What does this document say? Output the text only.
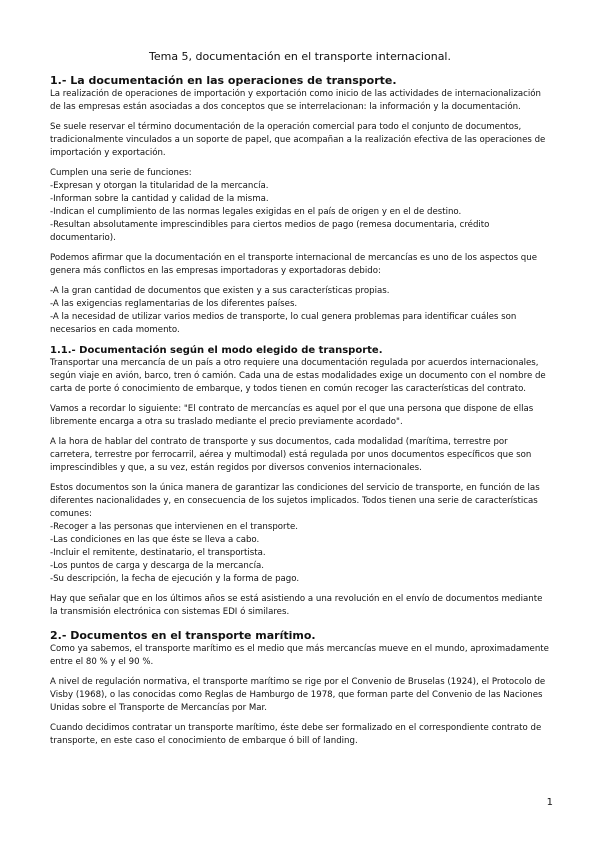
Tema 5, documentación en el transporte internacional.
1.- La documentación en las operaciones de transporte.

La realización de operaciones de importación y exportación como inicio de las actividades de internacionalización de las empresas están asociadas a dos conceptos que se interrelacionan: la información y la documentación.

Se suele reservar el término documentación de la operación comercial para todo el conjunto de documentos, tradicionalmente vinculados a un soporte de papel, que acompañan a la realización efectiva de las operaciones de importación y exportación.

Cumplen una serie de funciones:
-Expresan y otorgan la titularidad de la mercancía.
-Informan sobre la cantidad y calidad de la misma.
-Indican el cumplimiento de las normas legales exigidas en el país de origen y en el de destino.
-Resultan absolutamente imprescindibles para ciertos medios de pago (remesa documentaria, crédito documentario).

Podemos afirmar que la documentación en el transporte internacional de mercancías es uno de los aspectos que genera más conflictos en las empresas importadoras y exportadoras debido:

-A la gran cantidad de documentos que existen y a sus características propias.
-A las exigencias reglamentarias de los diferentes países.
-A la necesidad de utilizar varios medios de transporte, lo cual genera problemas para identificar cuáles son necesarios en cada momento.
1.1.- Documentación según el modo elegido de transporte.

Transportar una mercancía de un país a otro requiere una documentación regulada por acuerdos internacionales, según viaje en avión, barco, tren ó camión. Cada una de estas modalidades exige un documento con el nombre de carta de porte ó conocimiento de embarque, y todos tienen en común recoger las características del contrato.

Vamos a recordar lo siguiente: "El contrato de mercancías es aquel por el que una persona que dispone de ellas libremente encarga a otra su traslado mediante el precio previamente acordado".

A la hora de hablar del contrato de transporte y sus documentos, cada modalidad (marítima, terrestre por carretera, terrestre por ferrocarril, aérea y multimodal) está regulada por unos documentos específicos que son imprescindibles y que, a su vez, están regidos por diversos convenios internacionales.

Estos documentos son la única manera de garantizar las condiciones del servicio de transporte, en función de las diferentes nacionalidades y, en consecuencia de los sujetos implicados. Todos tienen una serie de características comunes:
-Recoger a las personas que intervienen en el transporte.
-Las condiciones en las que éste se lleva a cabo.
-Incluir el remitente, destinatario, el transportista.
-Los puntos de carga y descarga de la mercancía.
-Su descripción, la fecha de ejecución y la forma de pago.

Hay que señalar que en los últimos años se está asistiendo a una revolución en el envío de documentos mediante la transmisión electrónica con sistemas EDI ó similares.

2.- Documentos en el transporte marítimo.

Como ya sabemos, el transporte marítimo es el medio que más mercancías mueve en el mundo, aproximadamente entre el 80 % y el 90 %.

A nivel de regulación normativa, el transporte marítimo se rige por el Convenio de Bruselas (1924), el Protocolo de Visby (1968), o las conocidas como Reglas de Hamburgo de 1978, que forman parte del Convenio de las Naciones Unidas sobre el Transporte de Mercancías por Mar.

Cuando decidimos contratar un transporte marítimo, éste debe ser formalizado en el correspondiente contrato de transporte, en este caso el conocimiento de embarque ó bill of landing.

1
